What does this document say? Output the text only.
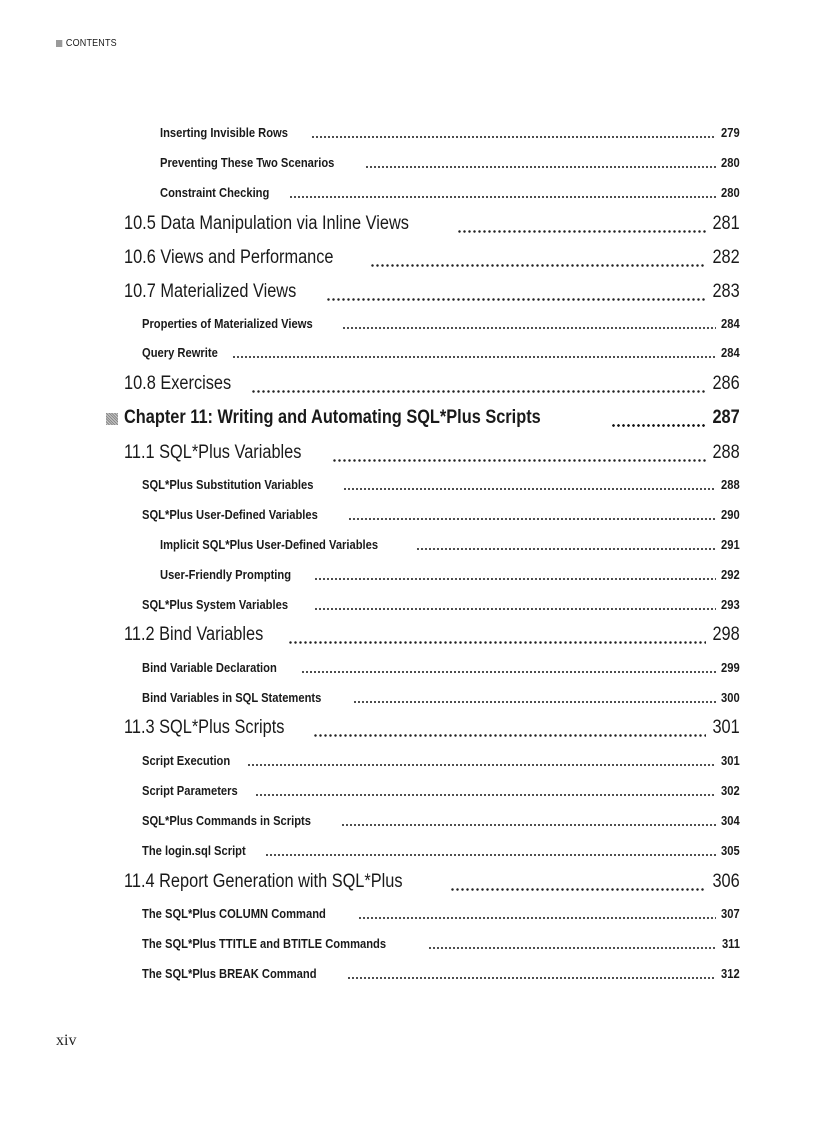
CONTENTS
Inserting Invisible Rows	279
Preventing These Two Scenarios	280
Constraint Checking	280
10.5 Data Manipulation via Inline Views	281
10.6 Views and Performance	282
10.7 Materialized Views	283
Properties of Materialized Views	284
Query Rewrite	284
10.8 Exercises	286
Chapter 11: Writing and Automating SQL*Plus Scripts	287
11.1 SQL*Plus Variables	288
SQL*Plus Substitution Variables	288
SQL*Plus User-Defined Variables	290
Implicit SQL*Plus User-Defined Variables	291
User-Friendly Prompting	292
SQL*Plus System Variables	293
11.2 Bind Variables	298
Bind Variable Declaration	299
Bind Variables in SQL Statements	300
11.3 SQL*Plus Scripts	301
Script Execution	301
Script Parameters	302
SQL*Plus Commands in Scripts	304
The login.sql Script	305
11.4 Report Generation with SQL*Plus	306
The SQL*Plus COLUMN Command	307
The SQL*Plus TTITLE and BTITLE Commands	311
The SQL*Plus BREAK Command	312
xiv
